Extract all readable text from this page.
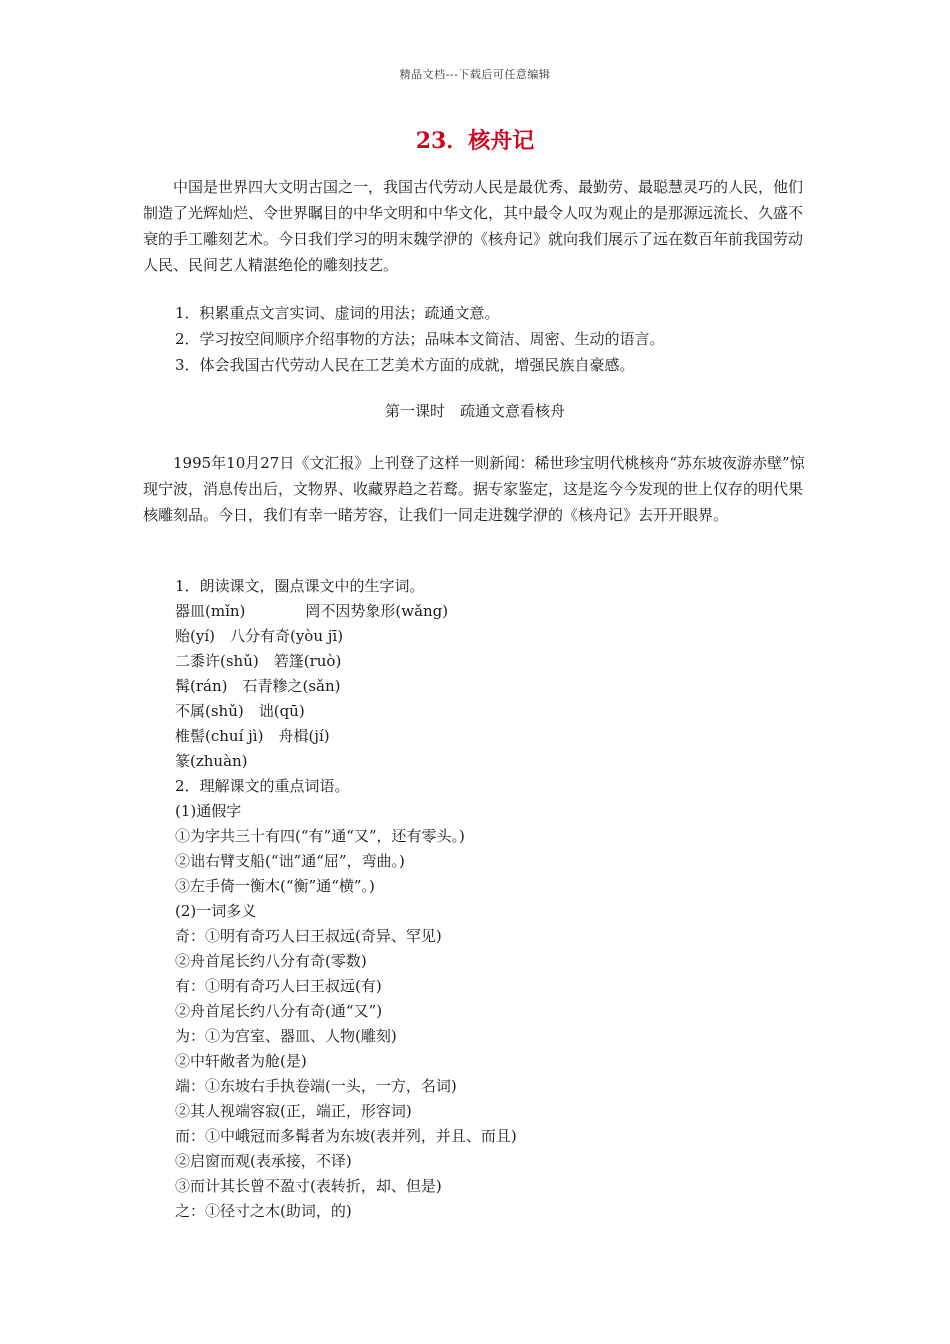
精品文档---下载后可任意编辑
23．核舟记

中国是世界四大文明古国之一，我国古代劳动人民是最优秀、最勤劳、最聪慧灵巧的人民，他们制造了光辉灿烂、令世界瞩目的中华文明和中华文化，其中最令人叹为观止的是那源远流长、久盛不衰的手工雕刻艺术。今日我们学习的明末魏学洢的《核舟记》就向我们展示了远在数百年前我国劳动人民、民间艺人精湛绝伦的雕刻技艺。

1．积累重点文言实词、虚词的用法；疏通文意。
2．学习按空间顺序介绍事物的方法；品味本文简洁、周密、生动的语言。
3．体会我国古代劳动人民在工艺美术方面的成就，增强民族自豪感。
第一课时　疏通文意看核舟

1995年10月27日《文汇报》上刊登了这样一则新闻：稀世珍宝明代桃核舟“苏东坡夜游赤壁”惊现宁波，消息传出后，文物界、收藏界趋之若鹜。据专家鉴定，这是迄今今发现的世上仅存的明代果核雕刻品。今日，我们有幸一睹芳容，让我们一同走进魏学洢的《核舟记》去开开眼界。

1．朗读课文，圈点课文中的生字词。
器皿(mǐn)　　　　罔不因势象形(wǎng)
贻(yí)　八分有奇(yòu jī)
二黍许(shǔ)　箬篷(ruò)
髯(rán)　石青糁之(sǎn)
不属(shǔ)　诎(qū)
椎髻(chuí jì)　舟楫(jí)
篆(zhuàn)
2．理解课文的重点词语。
(1)通假字
①为字共三十有四(“有”通“又”，还有零头。)
②诎右臂支船(“诎”通“屈”，弯曲。)
③左手倚一衡木(“衡”通“横”。)
(2)一词多义
奇：①明有奇巧人曰王叔远(奇异、罕见)
②舟首尾长约八分有奇(零数)
有：①明有奇巧人曰王叔远(有)
②舟首尾长约八分有奇(通“又”)
为：①为宫室、器皿、人物(雕刻)
②中轩敞者为舱(是)
端：①东坡右手执卷端(一头，一方，名词)
②其人视端容寂(正，端正，形容词)
而：①中峨冠而多髯者为东坡(表并列，并且、而且)
②启窗而观(表承接，不译)
③而计其长曾不盈寸(表转折，却、但是)
之：①径寸之木(助词，的)
